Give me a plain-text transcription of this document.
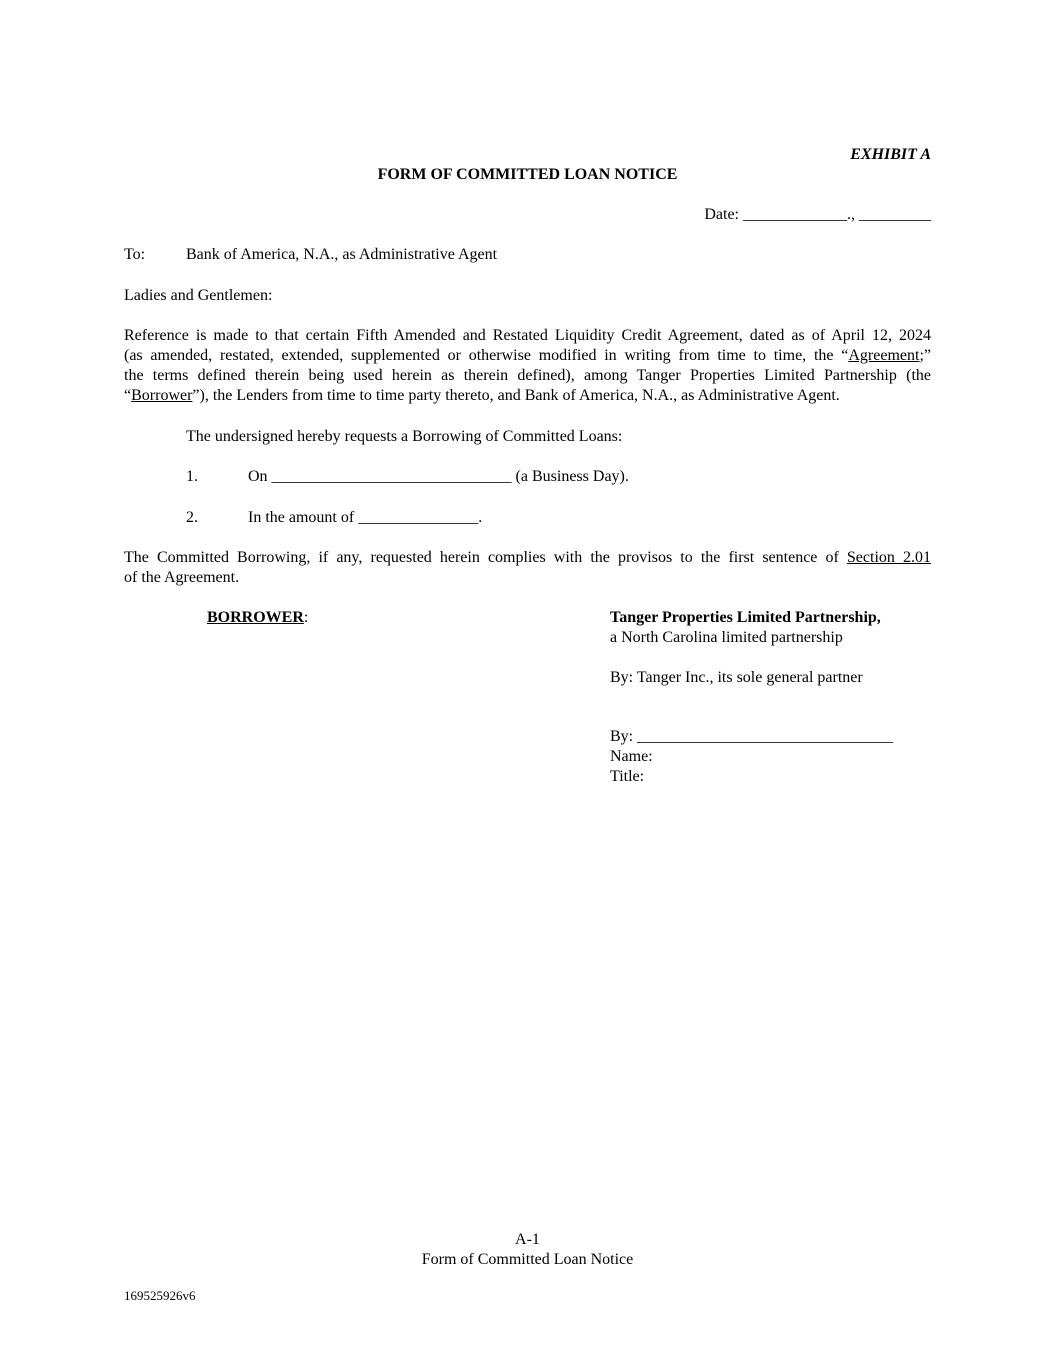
EXHIBIT A
FORM OF COMMITTED LOAN NOTICE
Date: _____________., _________
To:	Bank of America, N.A., as Administrative Agent
Ladies and Gentlemen:
Reference is made to that certain Fifth Amended and Restated Liquidity Credit Agreement, dated as of April 12, 2024
(as amended, restated, extended, supplemented or otherwise modified in writing from time to time, the “Agreement;”
the terms defined therein being used herein as therein defined), among Tanger Properties Limited Partnership (the
“Borrower”), the Lenders from time to time party thereto, and Bank of America, N.A., as Administrative Agent.
The undersigned hereby requests a Borrowing of Committed Loans:
1.	On ______________________________ (a Business Day).
2.	In the amount of _______________.
The Committed Borrowing, if any, requested herein complies with the provisos to the first sentence of Section 2.01
of the Agreement.
BORROWER:	Tanger Properties Limited Partnership,
a North Carolina limited partnership
By: Tanger Inc., its sole general partner
By: ________________________________
Name:
Title:
A-1
Form of Committed Loan Notice
169525926v6
